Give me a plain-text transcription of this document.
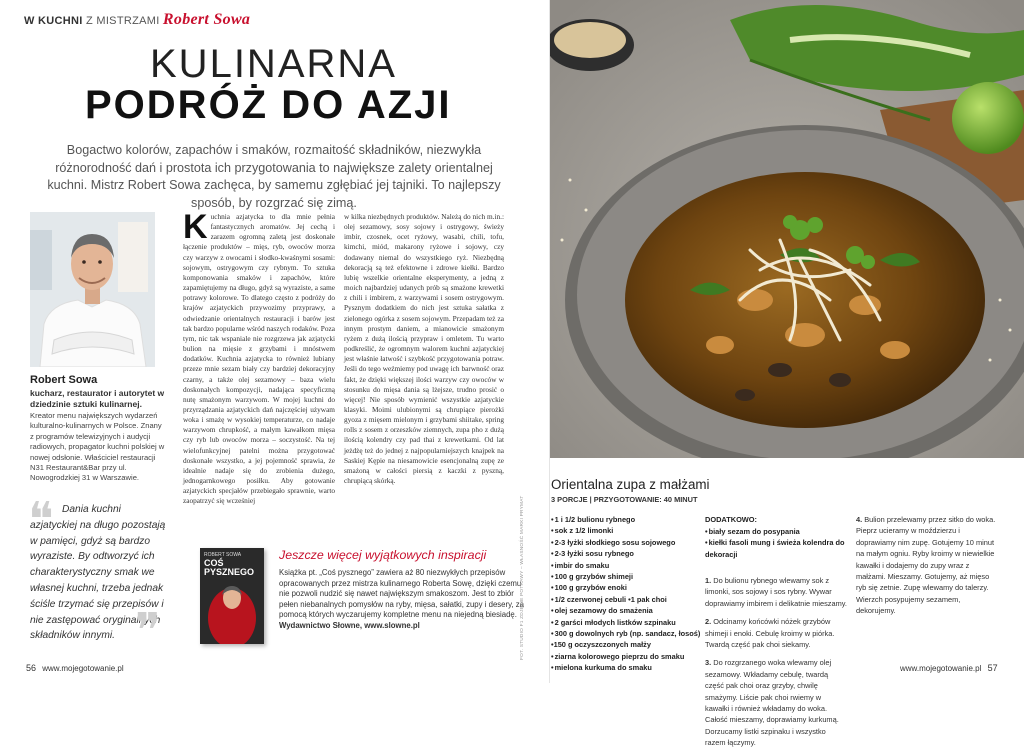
W KUCHNI Z MISTRZAMI Robert Sowa
KULINARNA
PODRÓŻ DO AZJI
Bogactwo kolorów, zapachów i smaków, rozmaitość składników, niezwykła różnorodność dań i prostota ich przygotowania to największe zalety orientalnej kuchni. Mistrz Robert Sowa zachęca, by samemu zgłębiać jej tajniki. To najlepszy sposób, by rozgrzać się zimą.
Robert Sowa
kucharz, restaurator i autorytet w dziedzinie sztuki kulinarnej.
Kreator menu największych wydarzeń kulturalno-kulinarnych w Polsce. Znany z programów telewizyjnych i audycji radiowych, propagator kuchni polskiej w nowej odsłonie. Właściciel restauracji N31 Restaurant&Bar przy ul. Nowogrodzkiej 31 w Warszawie.
❝ Dania kuchni azjatyckiej na długo pozostają w pamięci, gdyż są bardzo wyraziste. By odtworzyć ich charakterystyczny smak we własnej kuchni, trzeba jednak ściśle trzymać się przepisów i nie zastępować oryginalnych składników innymi. ❞
Kuchnia azjatycka to dla mnie pełnia fantastycznych aromatów. Jej cechą i zarazem ogromną zaletą jest doskonałe łączenie produktów – mięs, ryb, owoców morza czy warzyw z owocami i słodko-kwaśnymi sosami: sojowym, ostrygowym czy rybnym. To sztuka komponowania smaków i zapachów, które zapamiętujemy na długo, gdyż są wyraziste, a same potrawy kolorowe. To dlatego często z podróży do krajów azjatyckich przywozimy przyprawy, a odwiedzanie orientalnych restauracji i barów jest tak bardzo popularne wśród naszych rodaków. Poza tym, nic tak wspaniale nie rozgrzewa jak azjatycki bulion na mięsie z grzybami i mnóstwem dodatków. Kuchnia azjatycka to również lubiany przeze mnie sezam biały czy bardziej dekoracyjny czarny, a także olej sezamowy – baza wielu doskonałych kompozycji, nadająca specyficzną nutę smażonym warzywom. W mojej kuchni do przyrządzania azjatyckich dań najczęściej używam woka i smażę w wysokiej temperaturze, co nadaje warzywom chrupkość, a małym kawałkom mięsa czy ryb lub owoców morza – soczystość. Na tej wielofunkcyjnej patelni można przygotować doskonałe wszystko, a jej pojemność sprawia, że idealnie nadaje się do zrobienia dużego, jednogarnkowego posiłku. Aby gotowanie azjatyckich specjałów przebiegało sprawnie, warto zaopatrzyć się wcześniej
w kilka niezbędnych produktów. Należą do nich m.in.: olej sezamowy, sosy sojowy i ostrygowy, świeży imbir, czosnek, ocet ryżowy, wasabi, chili, tofu, kimchi, miód, makarony ryżowe i sojowy, czy dodawany niemal do wszystkiego ryż. Niezbędną dekoracją są też efektowne i zdrowe kiełki. Bardzo lubię wszelkie orientalne eksperymenty, a jedną z moich najbardziej udanych prób są smażone krewetki z chili i imbirem, z warzywami i sosem ostrygowym. Pysznym dodatkiem do nich jest sztuka sałatka z zielonego ogórka z sosem sojowym. Przepadam też za innym prostym daniem, a mianowicie smażonym ryżem z dużą ilością przypraw i omletem. Tu warto podkreślić, że ogromnym walorem kuchni azjatyckiej jest właśnie łatwość i szybkość przygotowania potraw. Jeśli do tego weźmiemy pod uwagę ich barwność oraz fakt, że dzięki większej ilości warzyw czy owoców w stosunku do mięsa dania są lżejsze, trudno prosić o więcej! Nie sposób wymienić wszystkie azjatyckie klasyki. Moimi ulubionymi są chrupiące pierożki gyoza z mięsem mielonym i grzybami shiitake, spring rolls z sosem z orzeszków ziemnych, zupa pho z dużą ilością kolendry czy pad thai z krewetkami. Od lat jeżdżę też do jednej z najpopularniejszych knajpek na Saskiej Kępie na niesamowicie esencjonalną zupę ze smażoną w całości piersią z kaczki z pyszną, chrupiącą skórką.
ROBERT SOWA
COŚ PYSZNEGO
Jeszcze więcej wyjątkowych inspiracji
Książka pt. „Coś pysznego” zawiera aż 80 niezwykłych przepisów opracowanych przez mistrza kulinarnego Roberta Sowę, dzięki czemu nie pozwoli nudzić się nawet największym smakoszom. Jest to zbiór pełen niebanalnych pomysłów na ryby, mięsa, sałatki, zupy i desery, za pomocą których wyczarujemy kompletne menu na niejedną biesiadę. Wydawnictwo Słowne, www.slowne.pl	FOT. STUDIO F1 ZDJĘCIE POTRAWY – WŁASNOŚĆ MARKI PRYMAT
56 www.mojegotowanie.pl
Orientalna zupa z małżami
3 PORCJE | PRZYGOTOWANIE: 40 MINUT
• 1 i 1/2 bulionu rybnego
• sok z 1/2 limonki
• 2-3 łyżki słodkiego sosu sojowego
• 2-3 łyżki sosu rybnego
• imbir do smaku
• 100 g grzybów shimeji
• 100 g grzybów enoki
• 1/2 czerwonej cebuli •1 pak choi
• olej sezamowy do smażenia
• 2 garści młodych listków szpinaku
• 300 g dowolnych ryb (np. sandacz, łosoś) •150 g oczyszczonych małży
• ziarna kolorowego pieprzu do smaku
• mielona kurkuma do smaku
DODATKOWO:
• biały sezam do posypania
• kiełki fasoli mung i świeża kolendra do dekoracji

1. Do bulionu rybnego wlewamy sok z limonki, sos sojowy i sos rybny. Wywar doprawiamy imbirem i delikatnie mieszamy.

2. Odcinamy końcówki nóżek grzybów shimeji i enoki. Cebulę kroimy w piórka. Twardą część pak choi siekamy.

3. Do rozgrzanego woka wlewamy olej sezamowy. Wkładamy cebulę, twardą część pak choi oraz grzyby, chwilę smażymy. Liście pak choi rwiemy w kawałki i również wkładamy do woka. Całość mieszamy, doprawiamy kurkumą. Dorzucamy listki szpinaku i wszystko razem łączymy.

4. Bulion przelewamy przez sitko do woka. Pieprz ucieramy w moździerzu i doprawiamy nim zupę. Gotujemy 10 minut na małym ogniu. Ryby kroimy w niewielkie kawałki i dodajemy do zupy wraz z małżami. Mieszamy. Gotujemy, aż mięso ryb się zetnie. Zupę wlewamy do talerzy. Wierzch posypujemy sezamem, dekorujemy.

www.mojegotowanie.pl 57
